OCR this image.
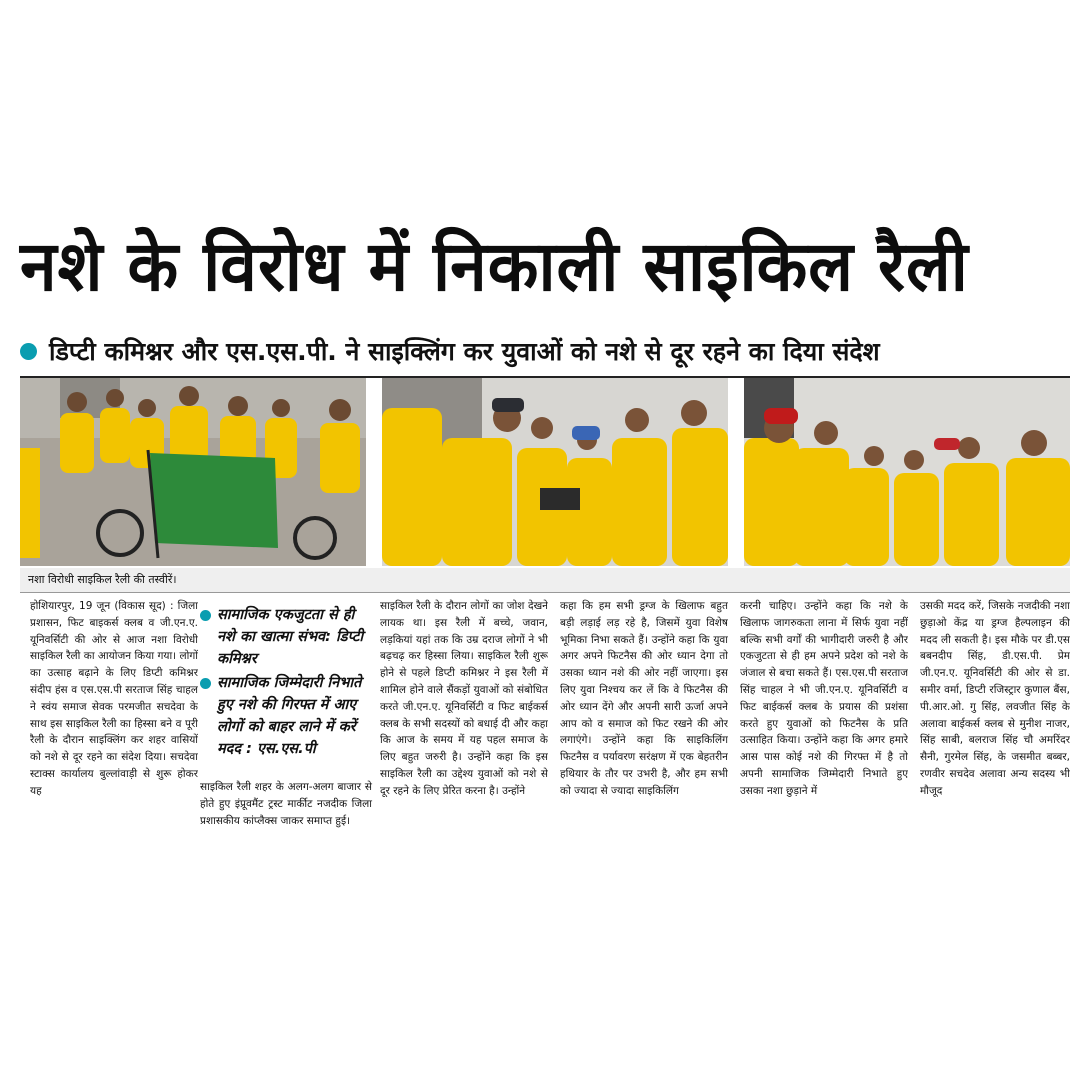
नशे के विरोध में निकाली साइकिल रैली
डिप्टी कमिश्नर और एस.एस.पी. ने साइक्लिंग कर युवाओं को नशे से दूर रहने का दिया संदेश
नशा विरोधी साइकिल रैली की तस्वीरें।

होशियारपुर, 19 जून (विकास सूद) : जिला प्रशासन, फिट बाइकर्स क्लब व जी.एन.ए. यूनिवर्सिटी की ओर से आज नशा विरोधी साइकिल रैली का आयोजन किया गया। लोगों का उत्साह बढ़ाने के लिए डिप्टी कमिश्नर संदीप हंस व एस.एस.पी सरताज सिंह चाहल ने स्वंय समाज सेवक परमजीत सचदेवा के साथ इस साइकिल रैली का हिस्सा बने व पूरी रैली के दौरान साइक्लिंग कर शहर वासियों को नशे से दूर रहने का संदेश दिया। सचदेवा स्टाक्स कार्यालय बुल्लांवाड़ी से शुरू होकर यह

सामाजिक एकजुटता से ही नशे का खात्मा संभव: डिप्टी कमिश्नर
सामाजिक जिम्मेदारी निभाते हुए नशे की गिरफ्त में आए लोगों को बाहर लाने में करें मदद : एस.एस.पी
साइकिल रैली शहर के अलग-अलग बाजार से होते हुए इंप्रूवमैंट ट्रस्ट मार्कीट नजदीक जिला प्रशासकीय कांप्लैक्स जाकर समाप्त हुई।

साइकिल रैली के दौरान लोगों का जोश देखने लायक था। इस रैली में बच्चे, जवान, लड़कियां यहां तक कि उम्र दराज लोगों ने भी बढ़चढ़ कर हिस्सा लिया। साइकिल रैली शुरू होने से पहले डिप्टी कमिश्नर ने इस रैली में शामिल होने वाले सैंकड़ों युवाओं को संबोधित करते जी.एन.ए. यूनिवर्सिटी व फिट बाईकर्स क्लब के सभी सदस्यों को बधाई दी और कहा कि आज के समय में यह पहल समाज के लिए बहुत जरुरी है। उन्होंने कहा कि इस साइकिल रैली का उद्देश्य युवाओं को नशे से दूर रहने के लिए प्रेरित करना है। उन्होंने

कहा कि हम सभी ड्रग्ज के खिलाफ बहुत बड़ी लड़ाई लड़ रहे है, जिसमें युवा विशेष भूमिका निभा सकते हैं। उन्होंने कहा कि युवा अगर अपने फिटनैस की ओर ध्यान देगा तो उसका ध्यान नशे की ओर नहीं जाएगा। इस लिए युवा निश्चय कर लें कि वे फिटनैस की ओर ध्यान देंगे और अपनी सारी ऊर्जा अपने आप को व समाज को फिट रखने की ओर लगाएंगे। उन्होंने कहा कि साइकिलिंग फिटनैस व पर्यावरण सरंक्षण में एक बेहतरीन हथियार के तौर पर उभरी है, और हम सभी को ज्यादा से ज्यादा साइकिलिंग

करनी चाहिए। उन्होंने कहा कि नशे के खिलाफ जागरुकता लाना में सिर्फ युवा नहीं बल्कि सभी वर्गों की भागीदारी जरुरी है और एकजुटता से ही हम अपने प्रदेश को नशे के जंजाल से बचा सकते हैं। एस.एस.पी सरताज सिंह चाहल ने भी जी.एन.ए. यूनिवर्सिटी व फिट बाईकर्स क्लब के प्रयास की प्रशंसा करते हुए युवाओं को फिटनैस के प्रति उत्साहित किया। उन्होंने कहा कि अगर हमारे आस पास कोई नशे की गिरफ्त में है तो अपनी सामाजिक जिम्मेदारी निभाते हुए उसका नशा छुड़ाने में

उसकी मदद करें, जिसके नजदीकी नशा छुड़ाओ केंद्र या ड्रग्ज हैल्पलाइन की मदद ली सकती है। इस मौके पर डी.एस बबनदीप सिंह, डी.एस.पी. प्रेम जी.एन.ए. यूनिवर्सिटी की ओर से डा. समीर वर्मा, डिप्टी रजिस्ट्रार कुणाल बैंस, पी.आर.ओ. गु सिंह, लवजीत सिंह के अलावा बाईकर्स क्लब से मुनीश नाजर, सिंह साबी, बलराज सिंह चौ अमरिंदर सैनी, गुरमेल सिंह, के जसमीत बब्बर, रणवीर सचदेव अलावा अन्य सदस्य भी मौजूद
